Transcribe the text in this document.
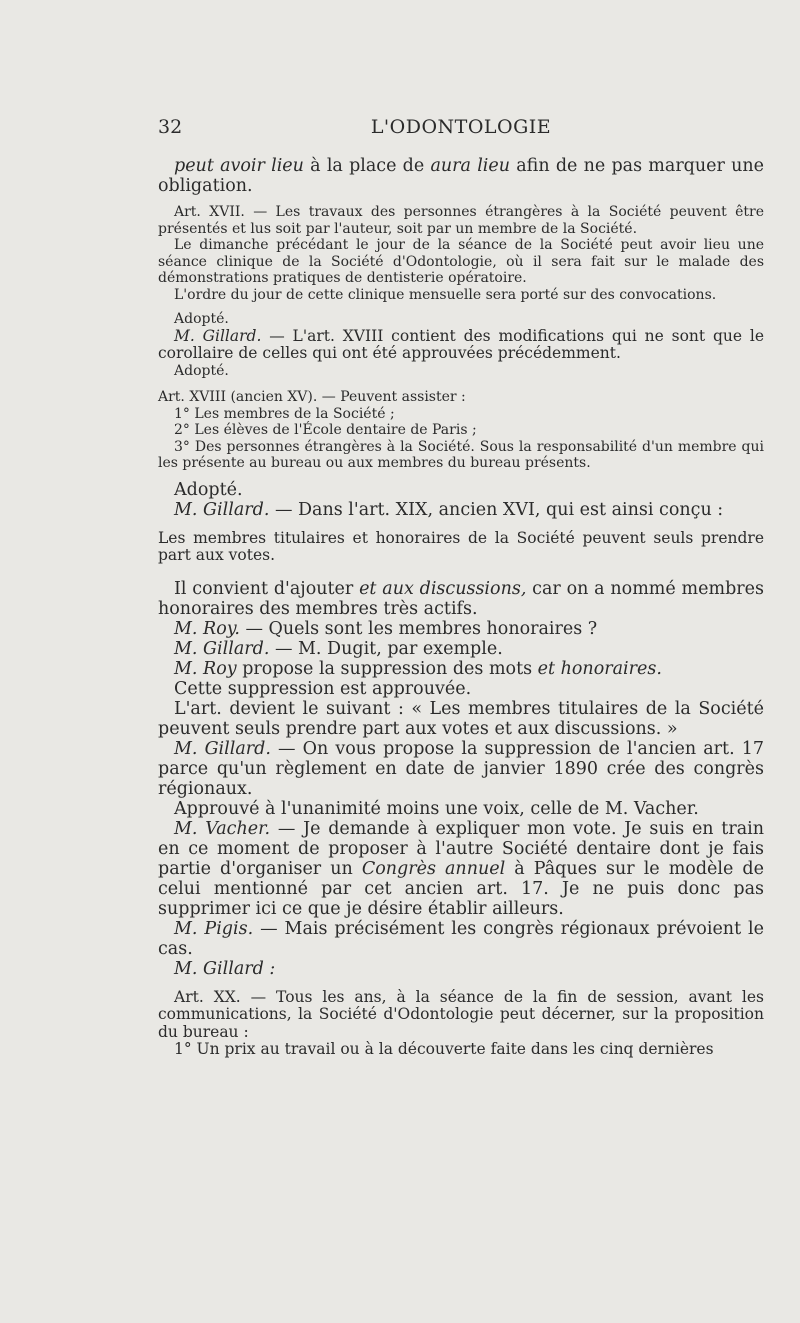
32	L'ODONTOLOGIE

peut avoir lieu à la place de aura lieu afin de ne pas marquer une obligation.

Art. XVII. — Les travaux des personnes étrangères à la Société peuvent être présentés et lus soit par l'auteur, soit par un membre de la Société.

Le dimanche précédant le jour de la séance de la Société peut avoir lieu une séance clinique de la Société d'Odontologie, où il sera fait sur le malade des démonstrations pratiques de dentisterie opératoire.

L'ordre du jour de cette clinique mensuelle sera porté sur des convocations.

Adopté.

M. Gillard. — L'art. XVIII contient des modifications qui ne sont que le corollaire de celles qui ont été approuvées précédemment.

Adopté.

Art. XVIII (ancien XV). — Peuvent assister :

1° Les membres de la Société ;

2° Les élèves de l'École dentaire de Paris ;

3° Des personnes étrangères à la Société. Sous la responsabilité d'un membre qui les présente au bureau ou aux membres du bureau présents.

Adopté.

M. Gillard. — Dans l'art. XIX, ancien XVI, qui est ainsi conçu :

Les membres titulaires et honoraires de la Société peuvent seuls prendre part aux votes.

Il convient d'ajouter et aux discussions, car on a nommé membres honoraires des membres très actifs.

M. Roy. — Quels sont les membres honoraires ?

M. Gillard. — M. Dugit, par exemple.

M. Roy propose la suppression des mots et honoraires.

Cette suppression est approuvée.

L'art. devient le suivant : « Les membres titulaires de la Société peuvent seuls prendre part aux votes et aux discussions. »

M. Gillard. — On vous propose la suppression de l'ancien art. 17 parce qu'un règlement en date de janvier 1890 crée des congrès régionaux.

Approuvé à l'unanimité moins une voix, celle de M. Vacher.

M. Vacher. — Je demande à expliquer mon vote. Je suis en train en ce moment de proposer à l'autre Société dentaire dont je fais partie d'organiser un Congrès annuel à Pâques sur le modèle de celui mentionné par cet ancien art. 17. Je ne puis donc pas supprimer ici ce que je désire établir ailleurs.

M. Pigis. — Mais précisément les congrès régionaux prévoient le cas.

M. Gillard :

Art. XX. — Tous les ans, à la séance de la fin de session, avant les communications, la Société d'Odontologie peut décerner, sur la proposition du bureau :

1° Un prix au travail ou à la découverte faite dans les cinq dernières
